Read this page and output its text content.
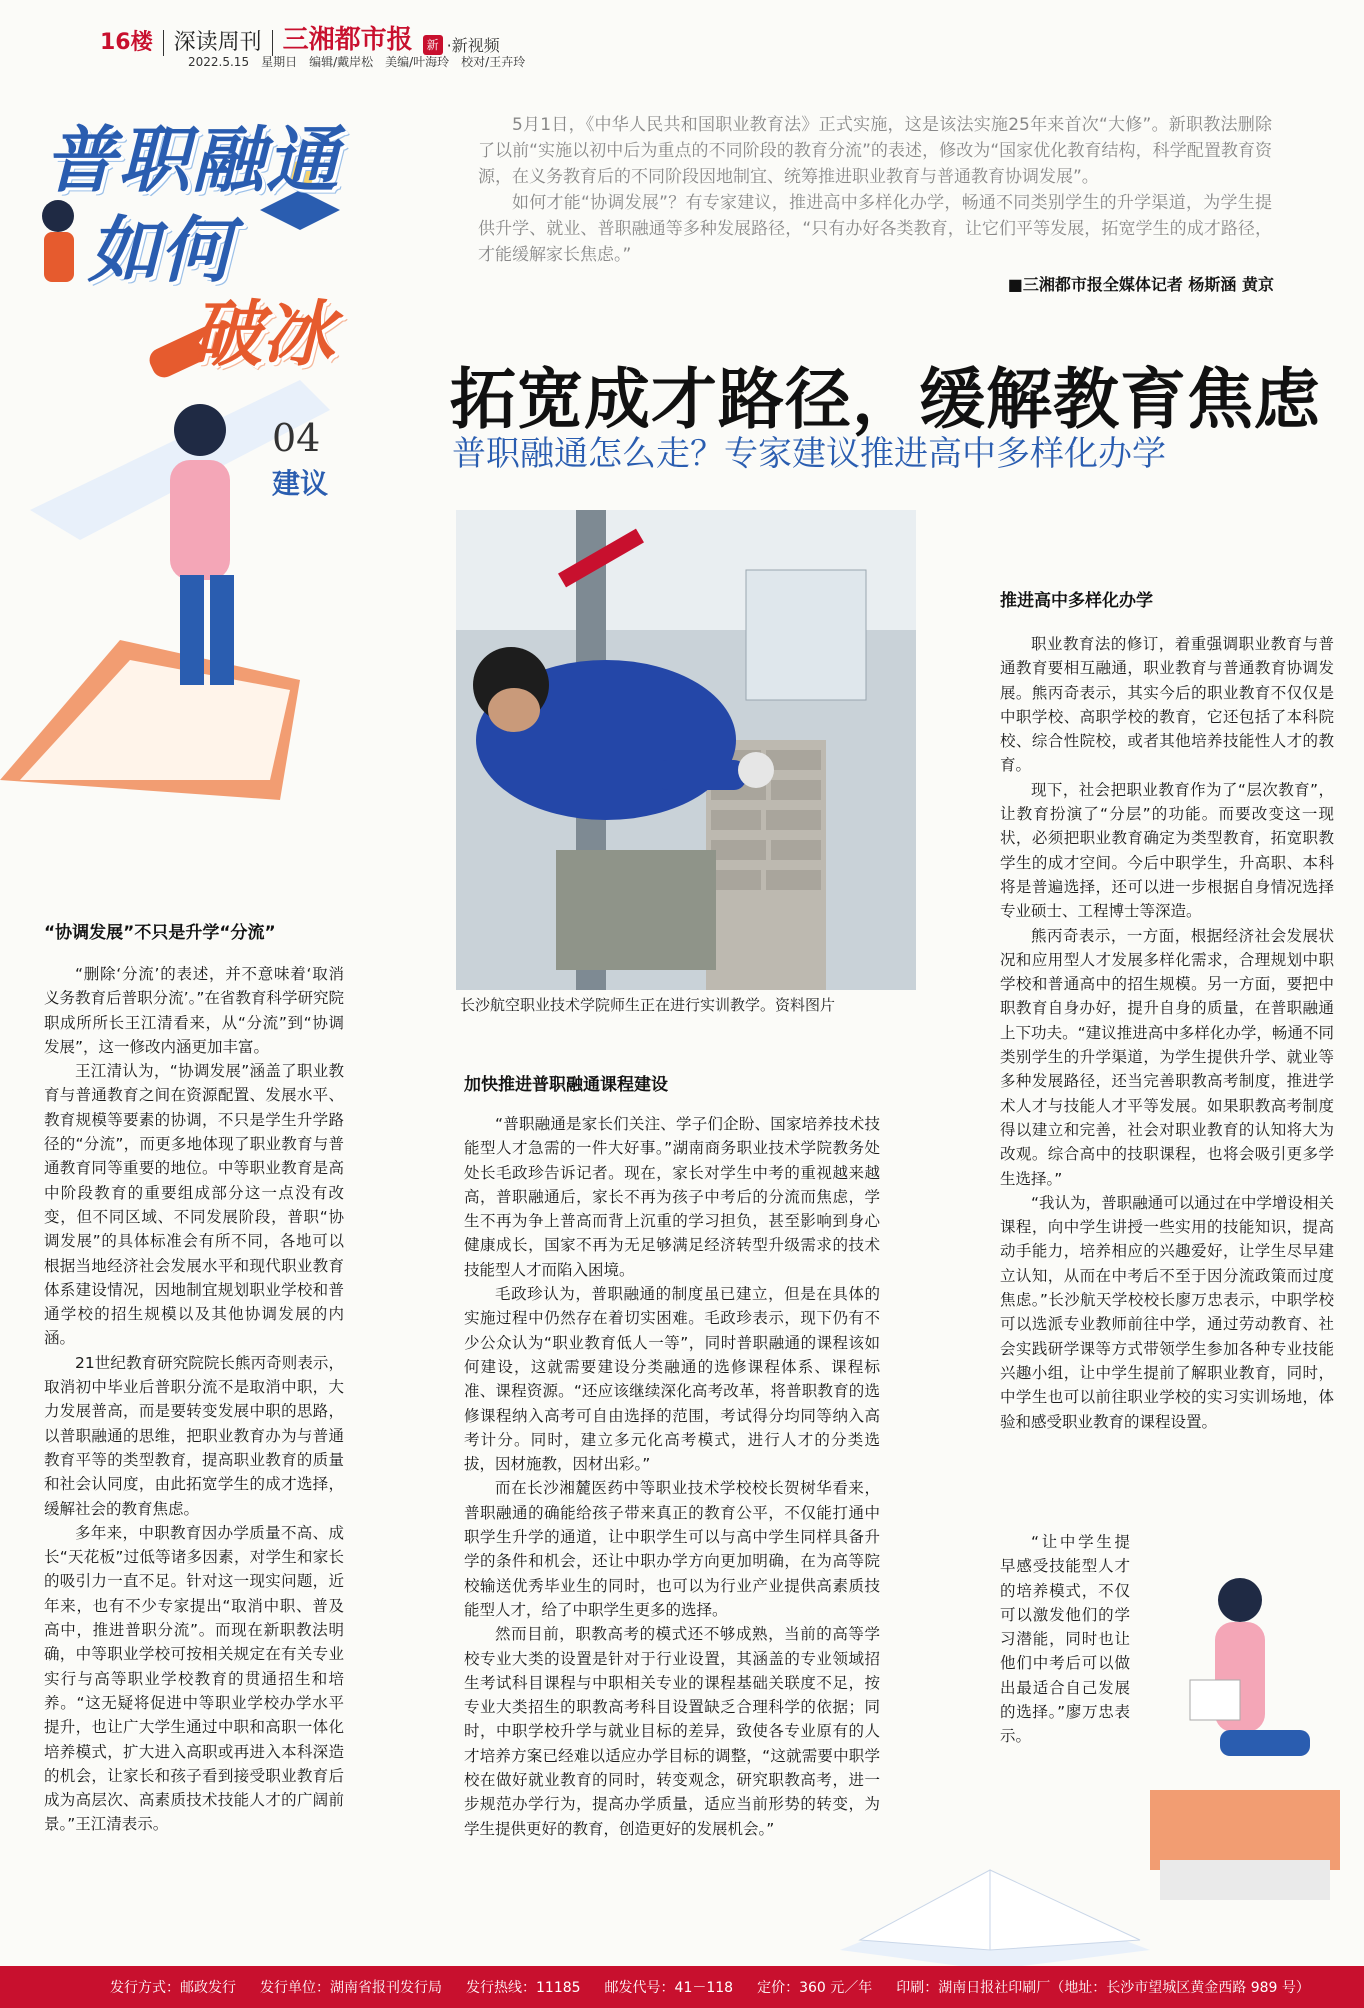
16楼 深读周刊 三湘都市报	新 ·新视频
2022.5.15　星期日　编辑/戴岸松　美编/叶海玲　校对/王卉玲
普职融通
如何
破冰
04
建议

5月1日，《中华人民共和国职业教育法》正式实施，这是该法实施25年来首次“大修”。新职教法删除了以前“实施以初中后为重点的不同阶段的教育分流”的表述，修改为“国家优化教育结构，科学配置教育资源，在义务教育后的不同阶段因地制宜、统筹推进职业教育与普通教育协调发展”。

如何才能“协调发展”？有专家建议，推进高中多样化办学，畅通不同类别学生的升学渠道，为学生提供升学、就业、普职融通等多种发展路径，“只有办好各类教育，让它们平等发展，拓宽学生的成才路径，才能缓解家长焦虑。”

■三湘都市报全媒体记者 杨斯涵 黄京
拓宽成才路径，缓解教育焦虑
普职融通怎么走？专家建议推进高中多样化办学
长沙航空职业技术学院师生正在进行实训教学。资料图片
“协调发展”不只是升学“分流”

“删除‘分流’的表述，并不意味着‘取消义务教育后普职分流’。”在省教育科学研究院职成所所长王江清看来，从“分流”到“协调发展”，这一修改内涵更加丰富。

王江清认为，“协调发展”涵盖了职业教育与普通教育之间在资源配置、发展水平、教育规模等要素的协调，不只是学生升学路径的“分流”，而更多地体现了职业教育与普通教育同等重要的地位。中等职业教育是高中阶段教育的重要组成部分这一点没有改变，但不同区域、不同发展阶段，普职“协调发展”的具体标准会有所不同，各地可以根据当地经济社会发展水平和现代职业教育体系建设情况，因地制宜规划职业学校和普通学校的招生规模以及其他协调发展的内涵。

21世纪教育研究院院长熊丙奇则表示，取消初中毕业后普职分流不是取消中职，大力发展普高，而是要转变发展中职的思路，以普职融通的思维，把职业教育办为与普通教育平等的类型教育，提高职业教育的质量和社会认同度，由此拓宽学生的成才选择，缓解社会的教育焦虑。

多年来，中职教育因办学质量不高、成长“天花板”过低等诸多因素，对学生和家长的吸引力一直不足。针对这一现实问题，近年来，也有不少专家提出“取消中职、普及高中，推进普职分流”。而现在新职教法明确，中等职业学校可按相关规定在有关专业实行与高等职业学校教育的贯通招生和培养。“这无疑将促进中等职业学校办学水平提升，也让广大学生通过中职和高职一体化培养模式，扩大进入高职或再进入本科深造的机会，让家长和孩子看到接受职业教育后成为高层次、高素质技术技能人才的广阔前景。”王江清表示。

加快推进普职融通课程建设

“普职融通是家长们关注、学子们企盼、国家培养技术技能型人才急需的一件大好事。”湖南商务职业技术学院教务处处长毛政珍告诉记者。现在，家长对学生中考的重视越来越高，普职融通后，家长不再为孩子中考后的分流而焦虑，学生不再为争上普高而背上沉重的学习担负，甚至影响到身心健康成长，国家不再为无足够满足经济转型升级需求的技术技能型人才而陷入困境。

毛政珍认为，普职融通的制度虽已建立，但是在具体的实施过程中仍然存在着切实困难。毛政珍表示，现下仍有不少公众认为“职业教育低人一等”，同时普职融通的课程该如何建设，这就需要建设分类融通的选修课程体系、课程标准、课程资源。“还应该继续深化高考改革，将普职教育的选修课程纳入高考可自由选择的范围，考试得分均同等纳入高考计分。同时，建立多元化高考模式，进行人才的分类选拔，因材施教，因材出彩。”

而在长沙湘麓医药中等职业技术学校校长贺树华看来，普职融通的确能给孩子带来真正的教育公平，不仅能打通中职学生升学的通道，让中职学生可以与高中学生同样具备升学的条件和机会，还让中职办学方向更加明确，在为高等院校输送优秀毕业生的同时，也可以为行业产业提供高素质技能型人才，给了中职学生更多的选择。

然而目前，职教高考的模式还不够成熟，当前的高等学校专业大类的设置是针对于行业设置，其涵盖的专业领域招生考试科目课程与中职相关专业的课程基础关联度不足，按专业大类招生的职教高考科目设置缺乏合理科学的依据；同时，中职学校升学与就业目标的差异，致使各专业原有的人才培养方案已经难以适应办学目标的调整，“这就需要中职学校在做好就业教育的同时，转变观念，研究职教高考，进一步规范办学行为，提高办学质量，适应当前形势的转变，为学生提供更好的教育，创造更好的发展机会。”

推进高中多样化办学

职业教育法的修订，着重强调职业教育与普通教育要相互融通，职业教育与普通教育协调发展。熊丙奇表示，其实今后的职业教育不仅仅是中职学校、高职学校的教育，它还包括了本科院校、综合性院校，或者其他培养技能性人才的教育。

现下，社会把职业教育作为了“层次教育”，让教育扮演了“分层”的功能。而要改变这一现状，必须把职业教育确定为类型教育，拓宽职教学生的成才空间。今后中职学生，升高职、本科将是普遍选择，还可以进一步根据自身情况选择专业硕士、工程博士等深造。

熊丙奇表示，一方面，根据经济社会发展状况和应用型人才发展多样化需求，合理规划中职学校和普通高中的招生规模。另一方面，要把中职教育自身办好，提升自身的质量，在普职融通上下功夫。“建议推进高中多样化办学，畅通不同类别学生的升学渠道，为学生提供升学、就业等多种发展路径，还当完善职教高考制度，推进学术人才与技能人才平等发展。如果职教高考制度得以建立和完善，社会对职业教育的认知将大为改观。综合高中的技职课程，也将会吸引更多学生选择。”

“我认为，普职融通可以通过在中学增设相关课程，向中学生讲授一些实用的技能知识，提高动手能力，培养相应的兴趣爱好，让学生尽早建立认知，从而在中考后不至于因分流政策而过度焦虑。”长沙航天学校校长廖万忠表示，中职学校可以选派专业教师前往中学，通过劳动教育、社会实践研学课等方式带领学生参加各种专业技能兴趣小组，让中学生提前了解职业教育，同时，中学生也可以前往职业学校的实习实训场地，体验和感受职业教育的课程设置。

“让中学生提早感受技能型人才的培养模式，不仅可以激发他们的学习潜能，同时也让他们中考后可以做出最适合自己发展的选择。”廖万忠表示。

发行方式：邮政发行 发行单位：湖南省报刊发行局 发行热线：11185 邮发代号：41－118 定价：360 元／年 印刷：湖南日报社印刷厂（地址：长沙市望城区黄金西路 989 号）
